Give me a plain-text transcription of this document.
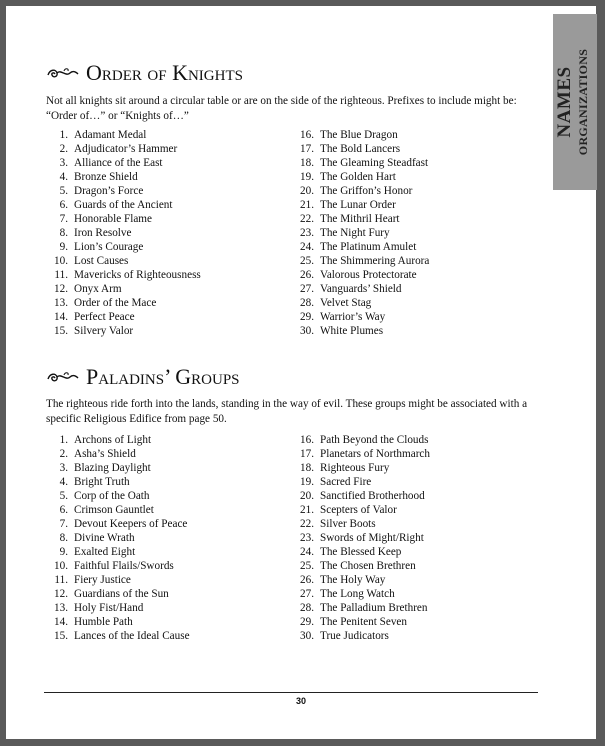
NAMES ORGANIZATIONS
Order of Knights
Not all knights sit around a circular table or are on the side of the righteous. Prefixes to include might be: “Order of…” or “Knights of…”
1. Adamant Medal
2. Adjudicator’s Hammer
3. Alliance of the East
4. Bronze Shield
5. Dragon’s Force
6. Guards of the Ancient
7. Honorable Flame
8. Iron Resolve
9. Lion’s Courage
10. Lost Causes
11. Mavericks of Righteousness
12. Onyx Arm
13. Order of the Mace
14. Perfect Peace
15. Silvery Valor
16. The Blue Dragon
17. The Bold Lancers
18. The Gleaming Steadfast
19. The Golden Hart
20. The Griffon’s Honor
21. The Lunar Order
22. The Mithril Heart
23. The Night Fury
24. The Platinum Amulet
25. The Shimmering Aurora
26. Valorous Protectorate
27. Vanguards’ Shield
28. Velvet Stag
29. Warrior’s Way
30. White Plumes
Paladins’ Groups
The righteous ride forth into the lands, standing in the way of evil. These groups might be associated with a specific Religious Edifice from page 50.
1. Archons of Light
2. Asha’s Shield
3. Blazing Daylight
4. Bright Truth
5. Corp of the Oath
6. Crimson Gauntlet
7. Devout Keepers of Peace
8. Divine Wrath
9. Exalted Eight
10. Faithful Flails/Swords
11. Fiery Justice
12. Guardians of the Sun
13. Holy Fist/Hand
14. Humble Path
15. Lances of the Ideal Cause
16. Path Beyond the Clouds
17. Planetars of Northmarch
18. Righteous Fury
19. Sacred Fire
20. Sanctified Brotherhood
21. Scepters of Valor
22. Silver Boots
23. Swords of Might/Right
24. The Blessed Keep
25. The Chosen Brethren
26. The Holy Way
27. The Long Watch
28. The Palladium Brethren
29. The Penitent Seven
30. True Judicators
30
